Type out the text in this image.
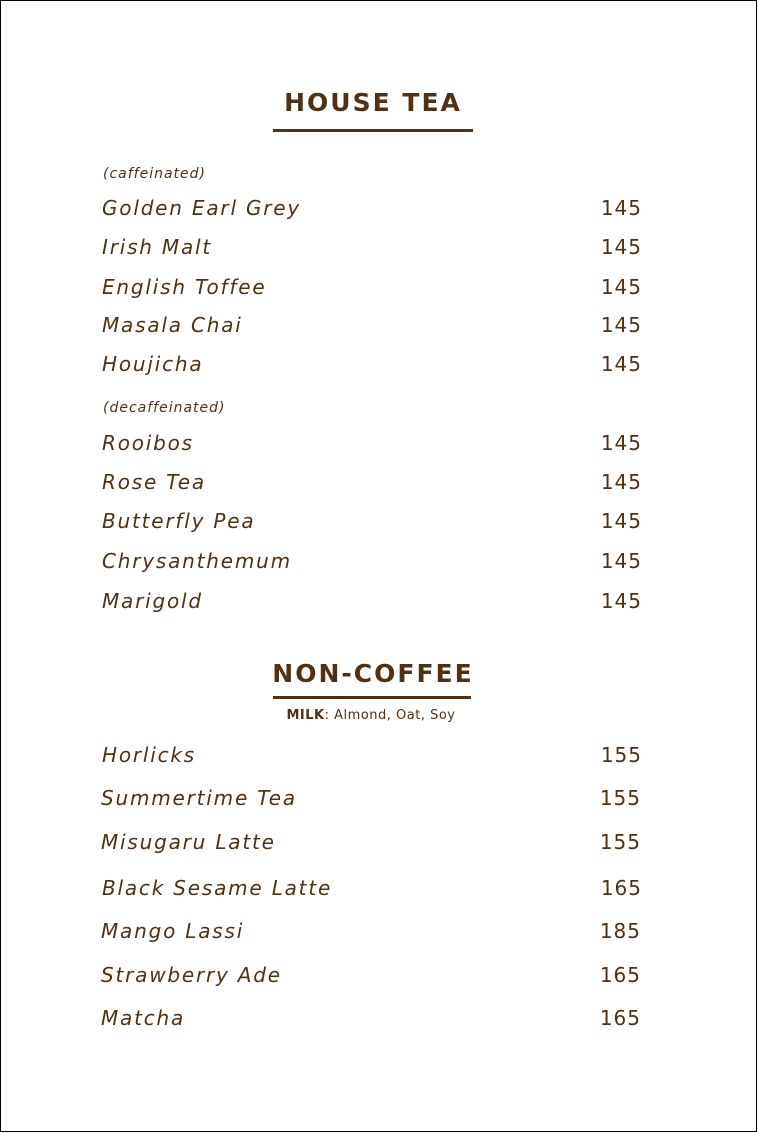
HOUSE TEA
(caffeinated)
Golden Earl Grey	145
Irish Malt	145
English Toffee	145
Masala Chai	145
Houjicha	145
(decaffeinated)
Rooibos	145
Rose Tea	145
Butterfly Pea	145
Chrysanthemum	145
Marigold	145
NON-COFFEE
MILK: Almond, Oat, Soy
Horlicks	155
Summertime Tea	155
Misugaru Latte	155
Black Sesame Latte	165
Mango Lassi	185
Strawberry Ade	165
Matcha	165
